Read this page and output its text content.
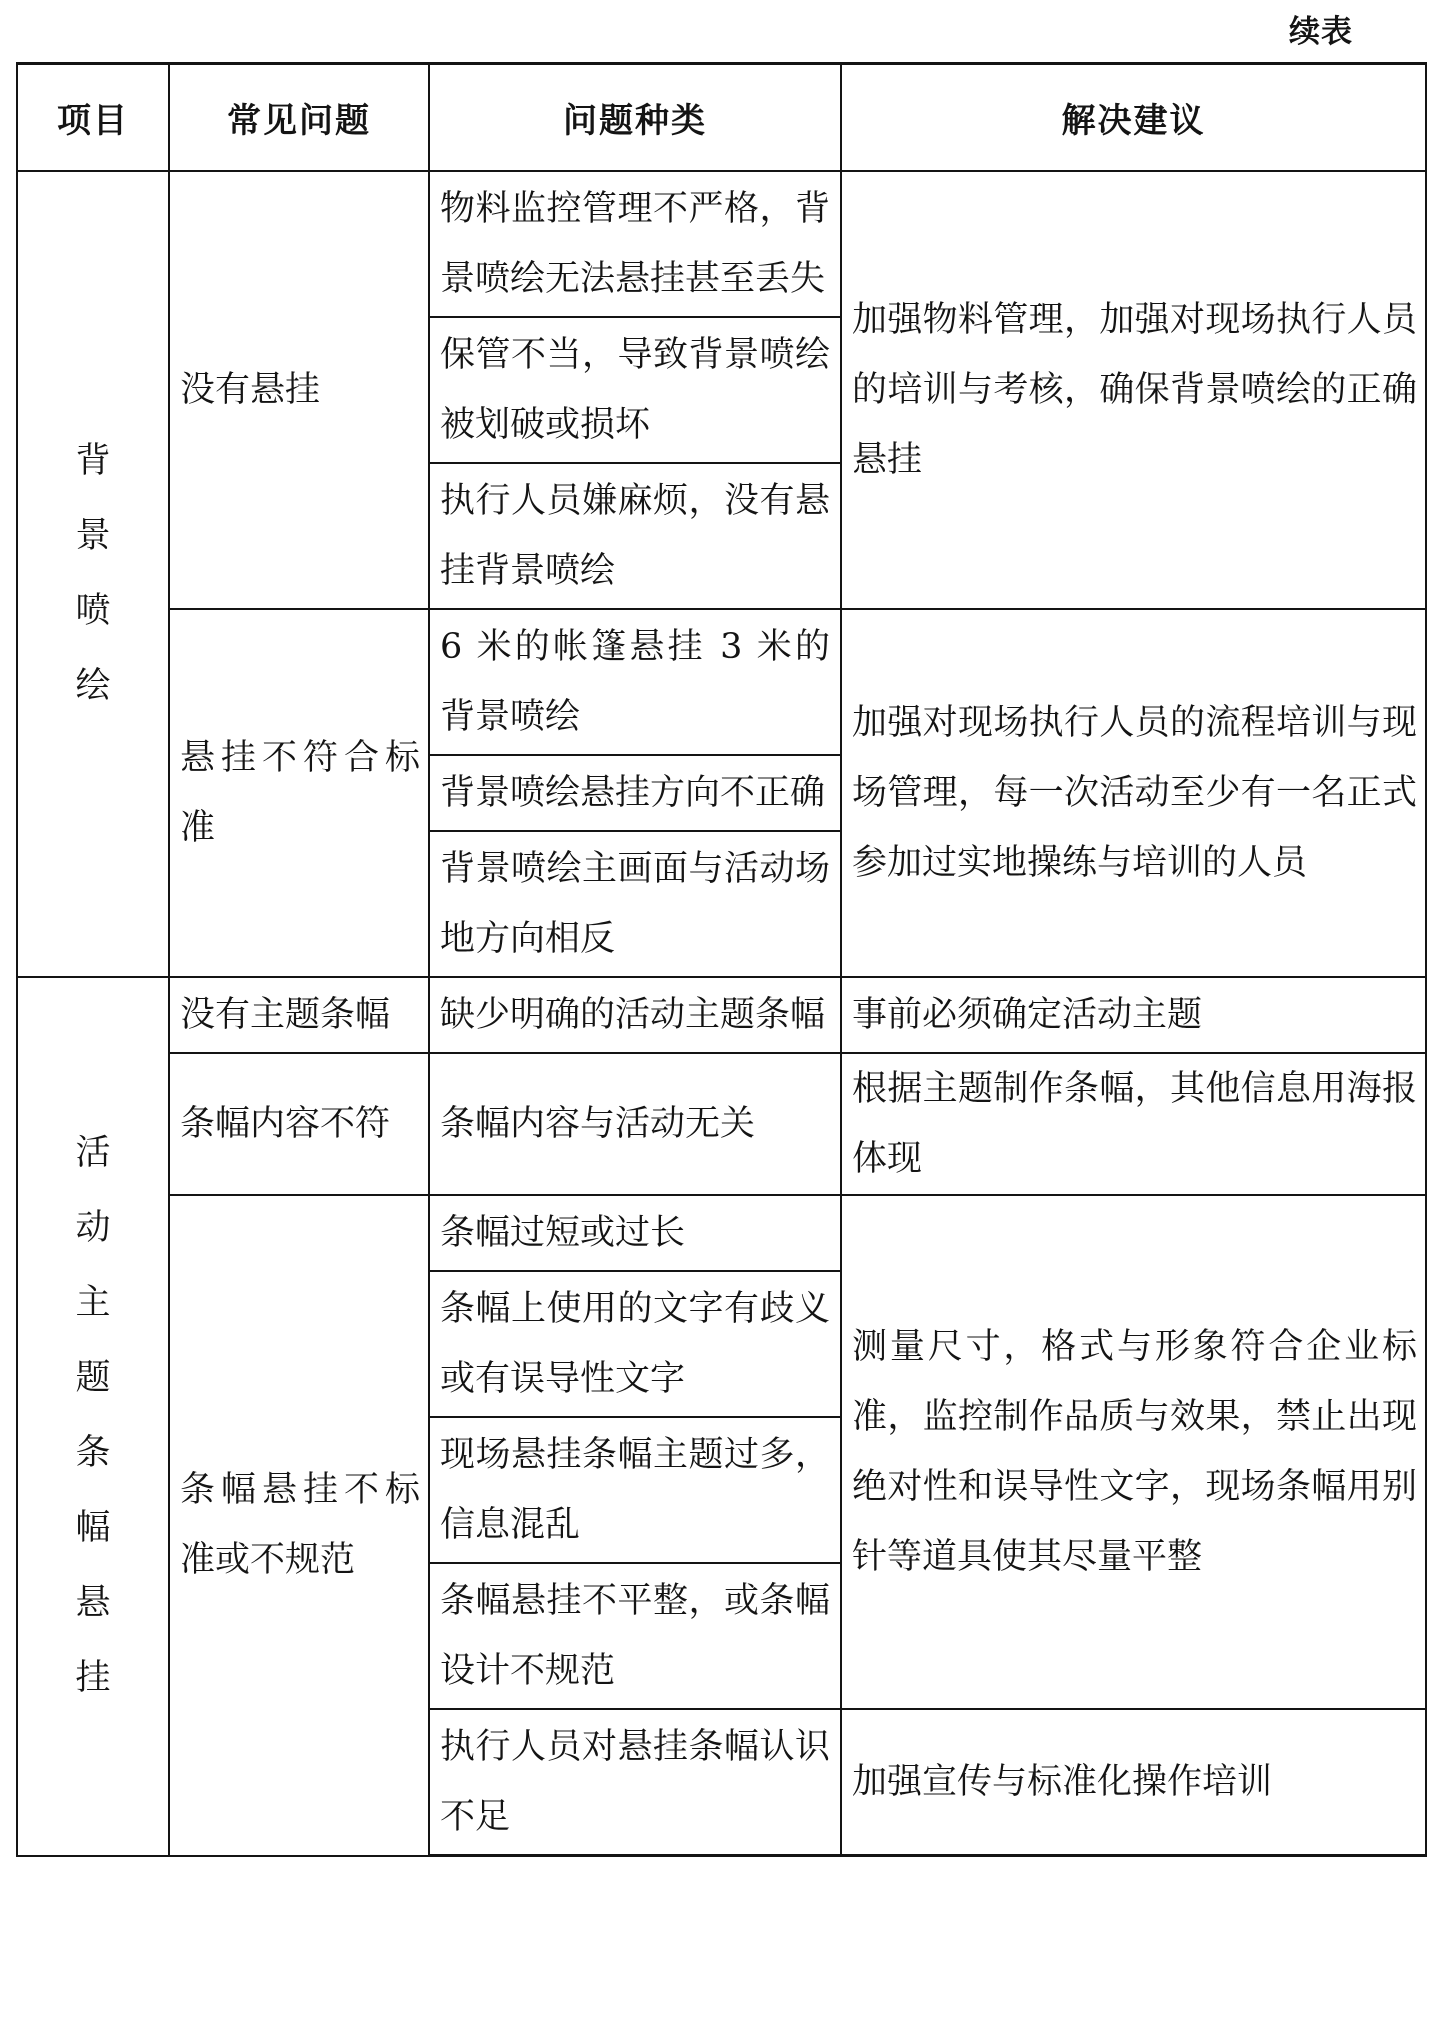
续表
项目	常见问题	问题种类	解决建议

背景喷绘	没有悬挂	物料监控管理不严格，背景喷绘无法悬挂甚至丢失	加强物料管理，加强对现场执行人员的培训与考核，确保背景喷绘的正确悬挂

		保管不当，导致背景喷绘被划破或损坏	

		执行人员嫌麻烦，没有悬挂背景喷绘	

	悬挂不符合标准	6 米的帐篷悬挂 3 米的背景喷绘	加强对现场执行人员的流程培训与现场管理，每一次活动至少有一名正式参加过实地操练与培训的人员

		背景喷绘悬挂方向不正确	

		背景喷绘主画面与活动场地方向相反	

活动主题条幅悬挂	没有主题条幅	缺少明确的活动主题条幅	事前必须确定活动主题

	条幅内容不符	条幅内容与活动无关	根据主题制作条幅，其他信息用海报体现

	条幅悬挂不标准或不规范	条幅过短或过长	测量尺寸，格式与形象符合企业标准，监控制作品质与效果，禁止出现绝对性和误导性文字，现场条幅用别针等道具使其尽量平整

		条幅上使用的文字有歧义或有误导性文字	

		现场悬挂条幅主题过多，信息混乱	

		条幅悬挂不平整，或条幅设计不规范	

		执行人员对悬挂条幅认识不足	加强宣传与标准化操作培训
